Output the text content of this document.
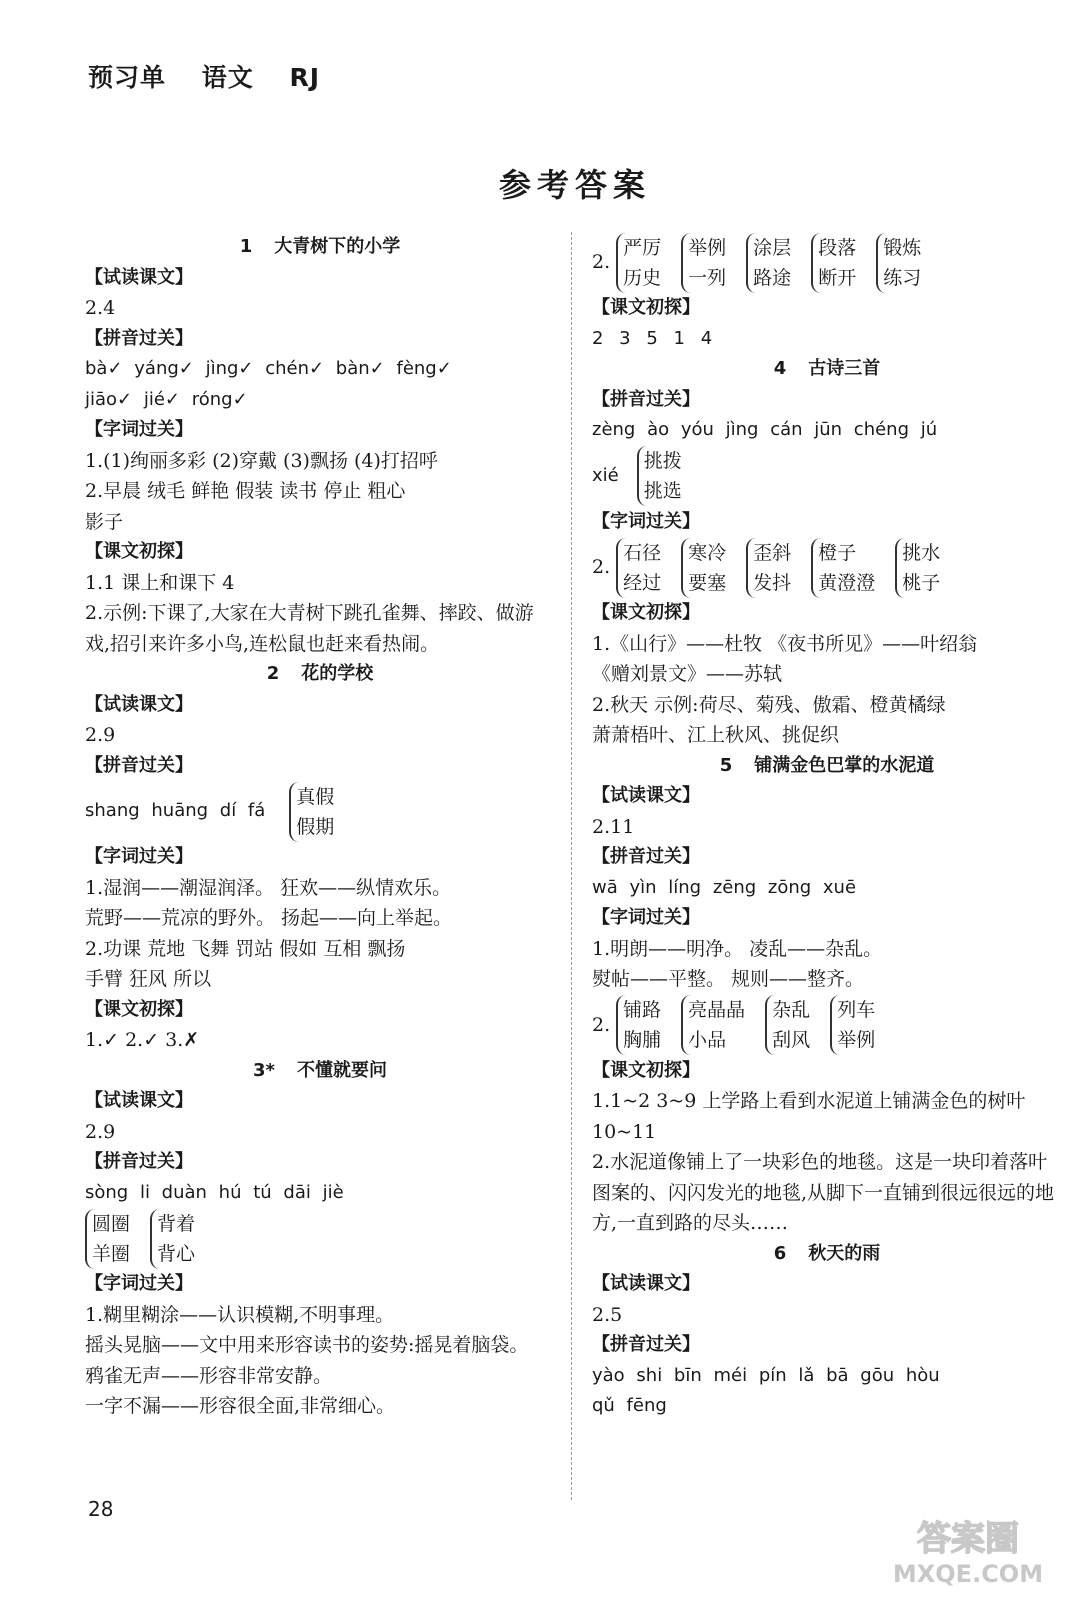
预习单 语文 RJ
参考答案
1 大青树下的小学
【试读课文】
2.4
【拼音过关】
bà✓ yáng✓ jìng✓ chén✓ bàn✓ fèng✓
jiāo✓ jié✓ róng✓
【字词过关】
1.(1)绚丽多彩 (2)穿戴 (3)飘扬 (4)打招呼
2.早晨 绒毛 鲜艳 假装 读书 停止 粗心
影子
【课文初探】
1.1 课上和课下 4
2.示例:下课了,大家在大青树下跳孔雀舞、摔跤、做游戏,招引来许多小鸟,连松鼠也赶来看热闹。
2 花的学校
【试读课文】
2.9
【拼音过关】
shang huāng dí fá
真假
假期
【字词过关】
1.湿润——潮湿润泽。 狂欢——纵情欢乐。
荒野——荒凉的野外。 扬起——向上举起。
2.功课 荒地 飞舞 罚站 假如 互相 飘扬
手臂 狂风 所以
【课文初探】
1.✓ 2.✓ 3.✗
3* 不懂就要问
【试读课文】
2.9
【拼音过关】
sòng li duàn hú tú dāi jiè
圆圈
羊圈
背着
背心
【字词过关】
1.糊里糊涂——认识模糊,不明事理。
摇头晃脑——文中用来形容读书的姿势:摇晃着脑袋。
鸦雀无声——形容非常安静。
一字不漏——形容很全面,非常细心。
2.
严厉
历史
举例
一列
涂层
路途
段落
断开
锻炼
练习
【课文初探】
2 3 5 1 4
4 古诗三首
【拼音过关】
zèng ào yóu jìng cán jūn chéng jú
xié
挑拨
挑选
【字词过关】
2.
石径
经过
寒冷
要塞
歪斜
发抖
橙子
黄澄澄
挑水
桃子
【课文初探】
1.《山行》——杜牧 《夜书所见》——叶绍翁
《赠刘景文》——苏轼
2.秋天 示例:荷尽、菊残、傲霜、橙黄橘绿
萧萧梧叶、江上秋风、挑促织
5 铺满金色巴掌的水泥道
【试读课文】
2.11
【拼音过关】
wā yìn líng zēng zōng xuē
【字词过关】
1.明朗——明净。 凌乱——杂乱。
熨帖——平整。 规则——整齐。
2.
铺路
胸脯
亮晶晶
小品
杂乱
刮风
列车
举例
【课文初探】
1.1~2 3~9 上学路上看到水泥道上铺满金色的树叶 10~11
2.水泥道像铺上了一块彩色的地毯。这是一块印着落叶图案的、闪闪发光的地毯,从脚下一直铺到很远很远的地方,一直到路的尽头……
6 秋天的雨
【试读课文】
2.5
【拼音过关】
yào shi bīn méi pín lǎ bā gōu hòu
qǔ fēng
28
答案圈
MXQE.COM
